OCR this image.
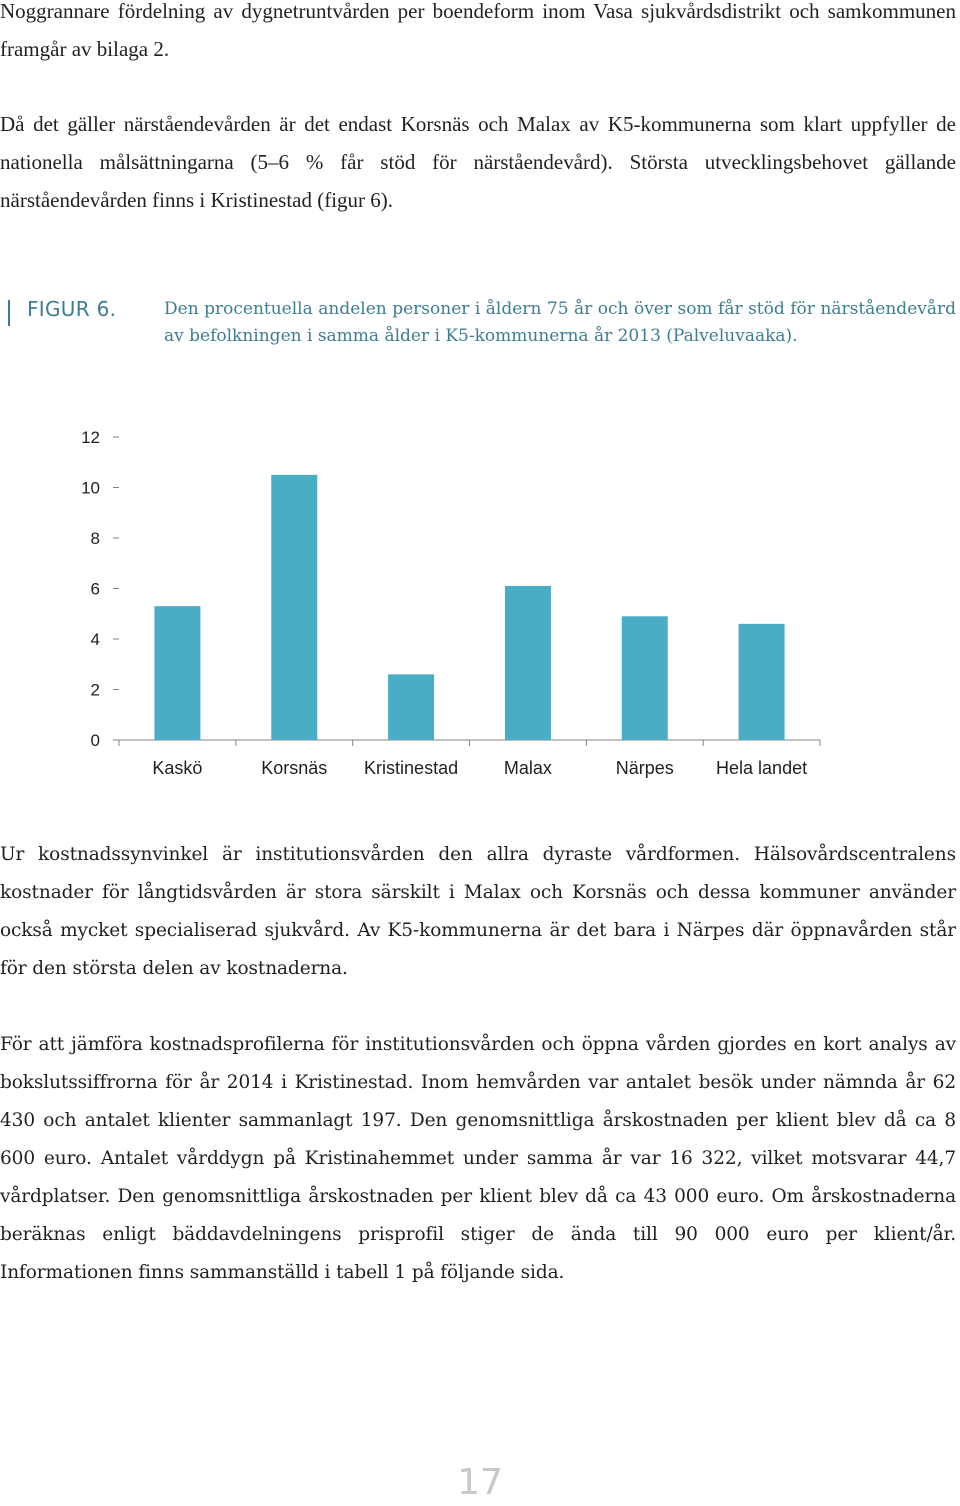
Noggrannare fördelning av dygnetruntvården per boendeform inom Vasa sjukvårdsdistrikt och samkommunen framgår av bilaga 2.

Då det gäller närståendevården är det endast Korsnäs och Malax av K5-kommunerna som klart uppfyller de nationella målsättningarna (5–6 % får stöd för närståendevård). Största utvecklingsbehovet gällande närståendevården finns i Kristinestad (figur 6).

FIGUR 6.	Den procentuella andelen personer i åldern 75 år och över som får stöd för närståendevård av befolkningen i samma ålder i K5-kommunerna år 2013 (Palveluvaaka).

0
2
4
6
8
10
12
Kaskö	Korsnäs Kristinestad	Malax	Närpes Hela landet

Ur kostnadssynvinkel är institutionsvården den allra dyraste vårdformen. Hälsovårdscentralens kostnader för långtidsvården är stora särskilt i Malax och Korsnäs och dessa kommuner använder också mycket specialiserad sjukvård. Av K5-kommunerna är det bara i Närpes där öppnavården står för den största delen av kostnaderna.

För att jämföra kostnadsprofilerna för institutionsvården och öppna vården gjordes en kort analys av bokslutssiffrorna för år 2014 i Kristinestad. Inom hemvården var antalet besök under nämnda år 62 430 och antalet klienter sammanlagt 197. Den genomsnittliga årskostnaden per klient blev då ca 8 600 euro. Antalet vårddygn på Kristinahemmet under samma år var 16 322, vilket motsvarar 44,7 vårdplatser. Den genomsnittliga årskostnaden per klient blev då ca 43 000 euro. Om årskostnaderna beräknas enligt bäddavdelningens prisprofil stiger de ända till 90 000 euro per klient/år. Informationen finns sammanställd i tabell 1 på följande sida.

17
